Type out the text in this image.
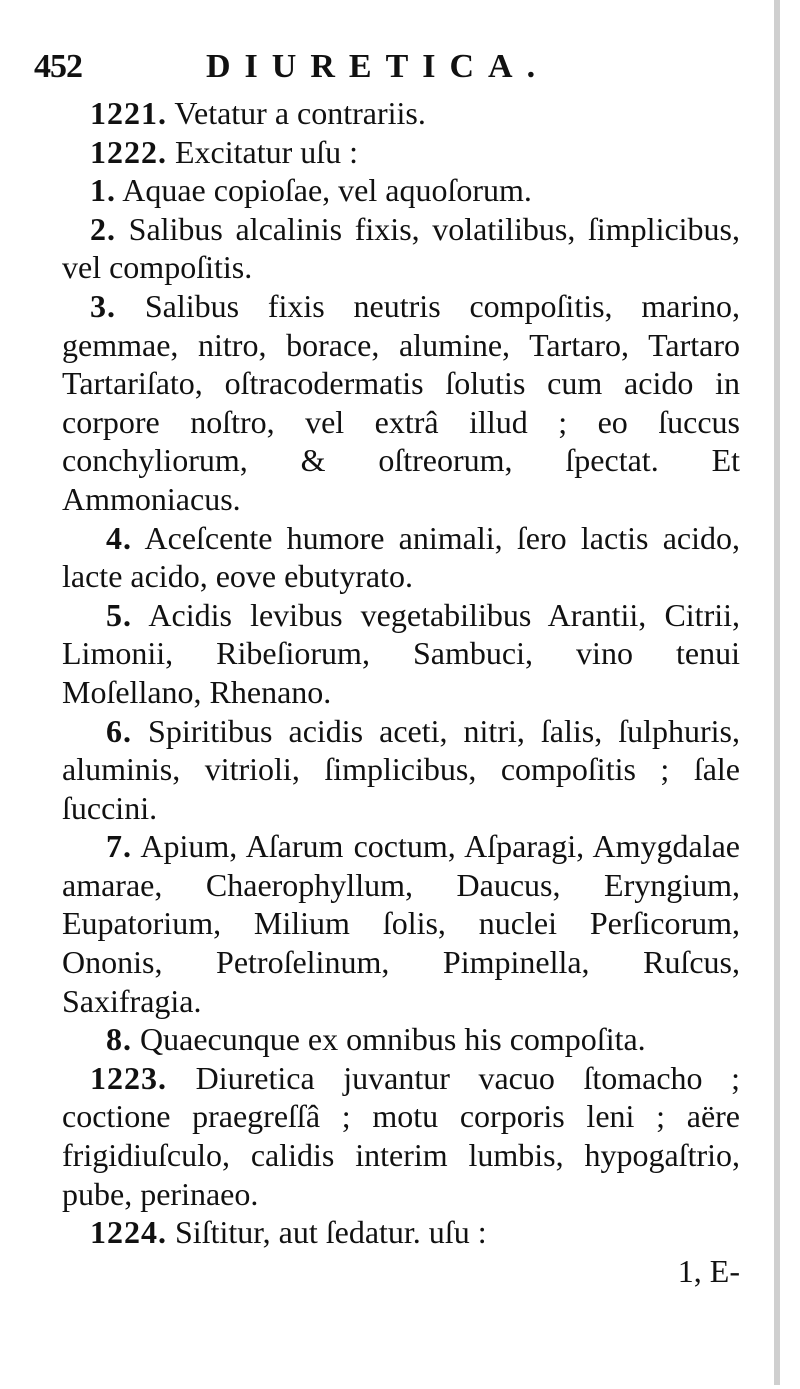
452	DIURETICA.

1221. Vetatur a contrariis.

1222. Excitatur uſu :

1. Aquae copioſae, vel aquoſorum.

2. Salibus alcalinis fixis, volatilibus, ſimplicibus, vel compoſitis.

3. Salibus fixis neutris compoſitis, marino, gemmae, nitro, borace, alumine, Tartaro, Tartaro Tartariſato, oſtracodermatis ſolutis cum acido in corpore noſtro, vel extrâ illud ; eo ſuccus conchyliorum, & oſtreorum, ſpectat. Et Ammoniacus.

4. Aceſcente humore animali, ſero lactis acido, lacte acido, eove ebutyrato.

5. Acidis levibus vegetabilibus Arantii, Citrii, Limonii, Ribeſiorum, Sambuci, vino tenui Moſellano, Rhenano.

6. Spiritibus acidis aceti, nitri, ſalis, ſulphuris, aluminis, vitrioli, ſimplicibus, compoſitis ; ſale ſuccini.

7. Apium, Aſarum coctum, Aſparagi, Amygdalae amarae, Chaerophyllum, Daucus, Eryngium, Eupatorium, Milium ſolis, nuclei Perſicorum, Ononis, Petroſelinum, Pimpinella, Ruſcus, Saxifragia.

8. Quaecunque ex omnibus his compoſita.

1223. Diuretica juvantur vacuo ſtomacho ; coctione praegreſſâ ; motu corporis leni ; aëre frigidiuſculo, calidis interim lumbis, hypogaſtrio, pube, perinaeo.

1224. Siſtitur, aut ſedatur. uſu :

1, E-
